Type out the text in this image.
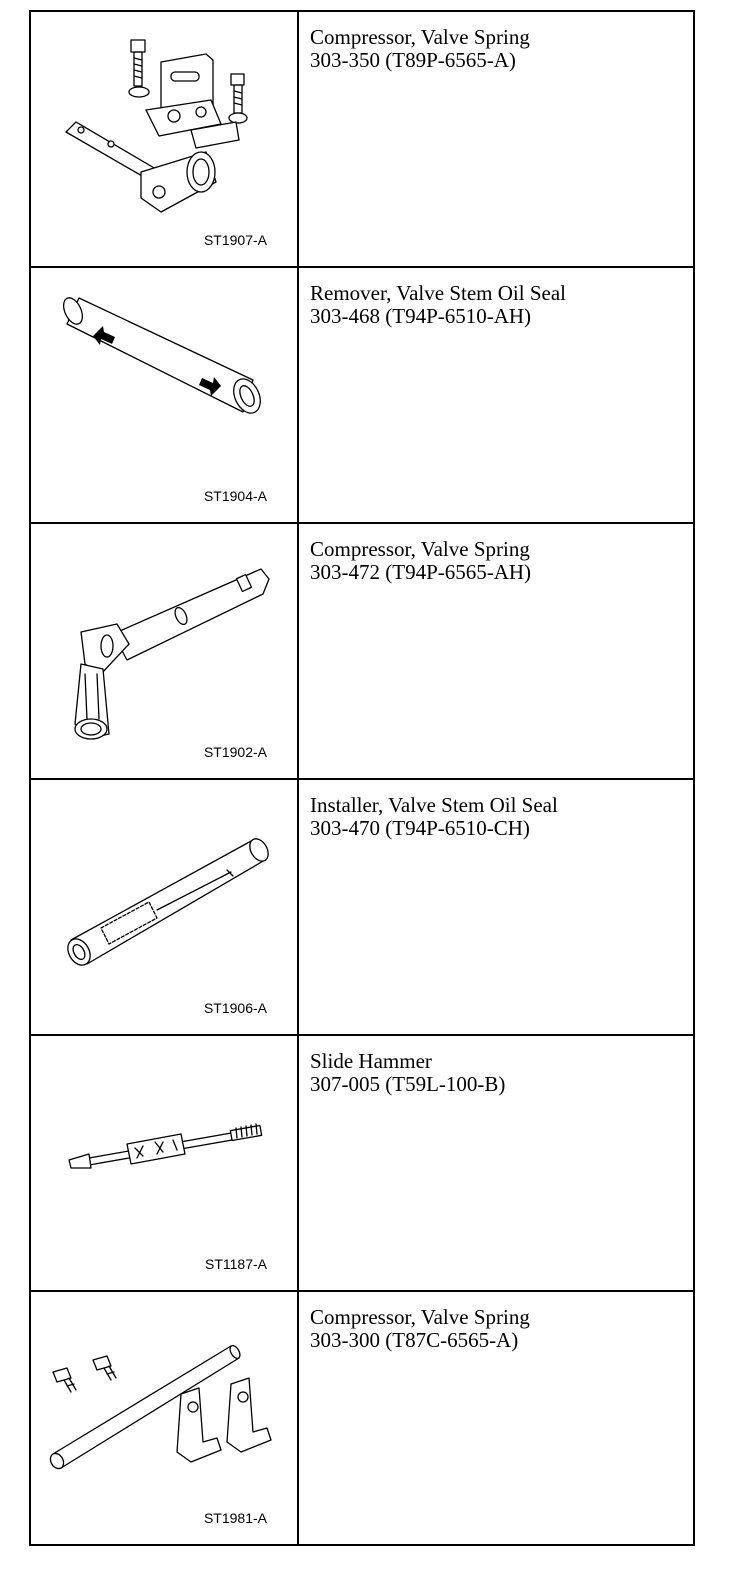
ST1907-A	Compressor, Valve Spring
303-350 (T89P-6565-A)

ST1904-A	Remover, Valve Stem Oil Seal
303-468 (T94P-6510-AH)

ST1902-A	Compressor, Valve Spring
303-472 (T94P-6565-AH)

ST1906-A	Installer, Valve Stem Oil Seal
303-470 (T94P-6510-CH)

ST1187-A	Slide Hammer
307-005 (T59L-100-B)

ST1981-A	Compressor, Valve Spring
303-300 (T87C-6565-A)
